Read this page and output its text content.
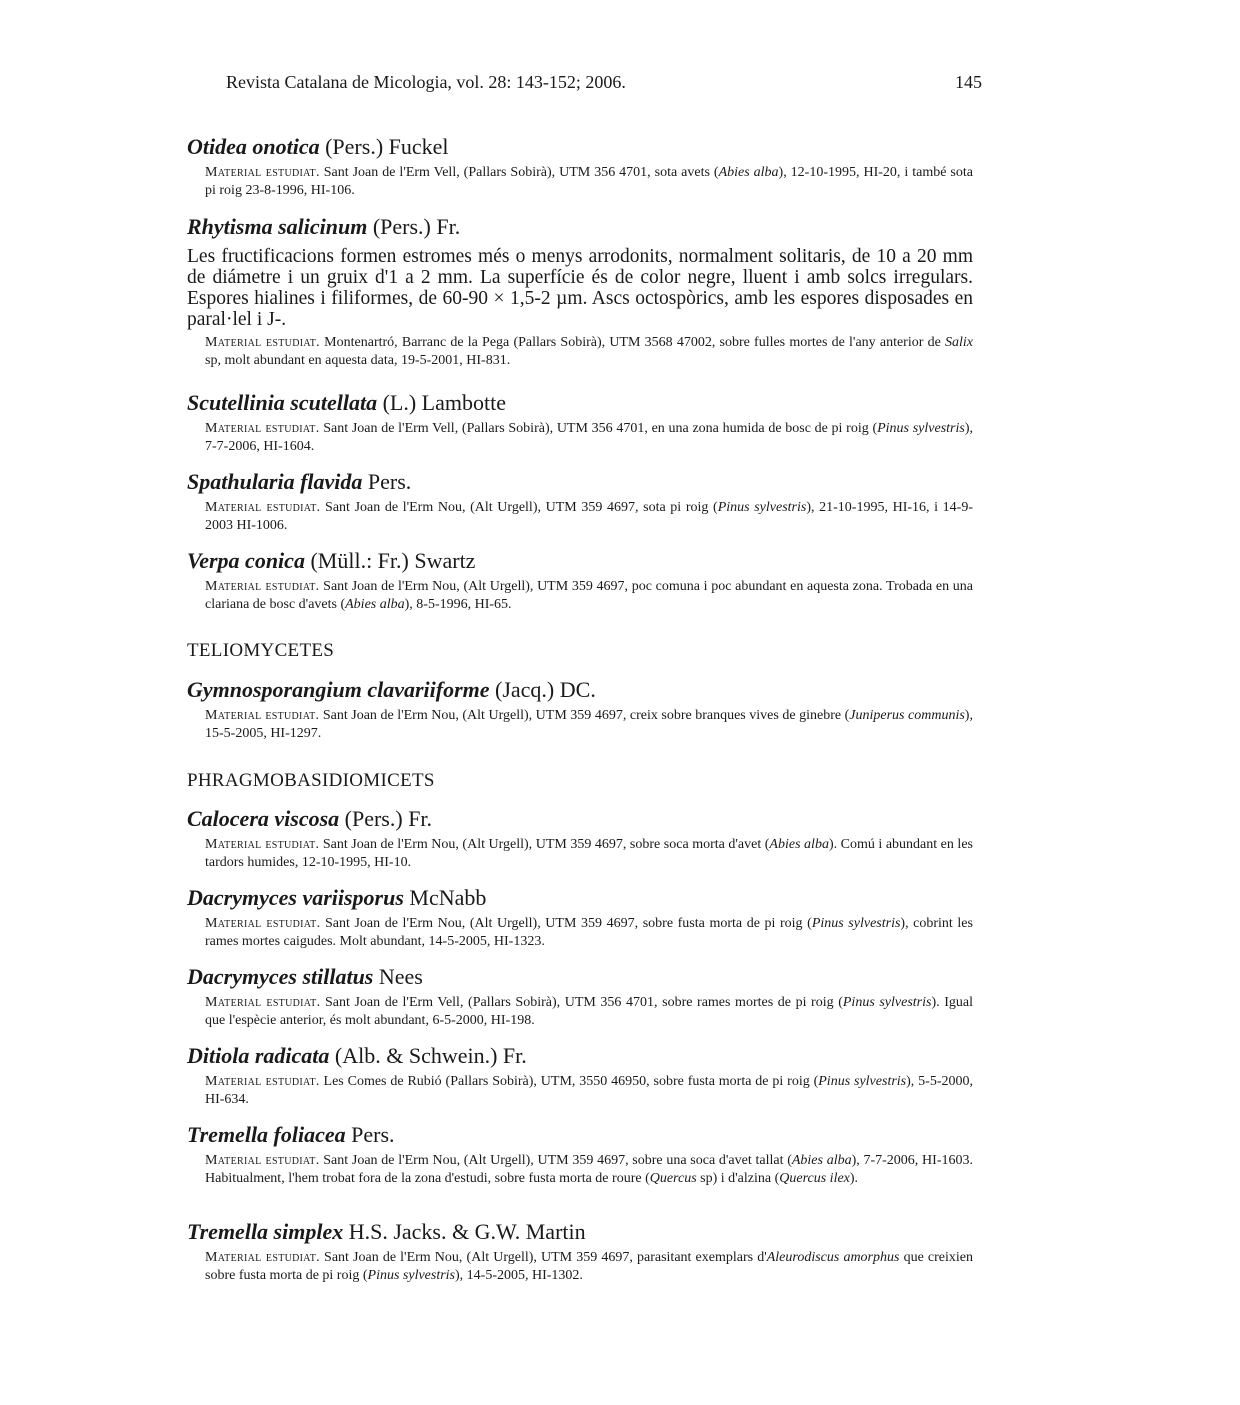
Revista Catalana de Micologia, vol. 28: 143-152; 2006.	145

Otidea onotica (Pers.) Fuckel

Material estudiat. Sant Joan de l'Erm Vell, (Pallars Sobirà), UTM 356 4701, sota avets (Abies alba), 12-10-1995, HI-20, i també sota pi roig 23-8-1996, HI-106.

Rhytisma salicinum (Pers.) Fr.

Les fructificacions formen estromes més o menys arrodonits, normalment solitaris, de 10 a 20 mm de diámetre i un gruix d'1 a 2 mm. La superfície és de color negre, lluent i amb solcs irregulars. Espores hialines i filiformes, de 60-90 × 1,5-2 µm. Ascs octospòrics, amb les espores disposades en paral·lel i J-.

Material estudiat. Montenartró, Barranc de la Pega (Pallars Sobirà), UTM 3568 47002, sobre fulles mortes de l'any anterior de Salix sp, molt abundant en aquesta data, 19-5-2001, HI-831.

Scutellinia scutellata (L.) Lambotte

Material estudiat. Sant Joan de l'Erm Vell, (Pallars Sobirà), UTM 356 4701, en una zona humida de bosc de pi roig (Pinus sylvestris), 7-7-2006, HI-1604.

Spathularia flavida Pers.

Material estudiat. Sant Joan de l'Erm Nou, (Alt Urgell), UTM 359 4697, sota pi roig (Pinus sylvestris), 21-10-1995, HI-16, i 14-9-2003 HI-1006.

Verpa conica (Müll.: Fr.) Swartz

Material estudiat. Sant Joan de l'Erm Nou, (Alt Urgell), UTM 359 4697, poc comuna i poc abundant en aquesta zona. Trobada en una clariana de bosc d'avets (Abies alba), 8-5-1996, HI-65.

TELIOMYCETES

Gymnosporangium clavariiforme (Jacq.) DC.

Material estudiat. Sant Joan de l'Erm Nou, (Alt Urgell), UTM 359 4697, creix sobre branques vives de ginebre (Juniperus communis), 15-5-2005, HI-1297.

PHRAGMOBASIDIOMICETS

Calocera viscosa (Pers.) Fr.

Material estudiat. Sant Joan de l'Erm Nou, (Alt Urgell), UTM 359 4697, sobre soca morta d'avet (Abies alba). Comú i abundant en les tardors humides, 12-10-1995, HI-10.

Dacrymyces variisporus McNabb

Material estudiat. Sant Joan de l'Erm Nou, (Alt Urgell), UTM 359 4697, sobre fusta morta de pi roig (Pinus sylvestris), cobrint les rames mortes caigudes. Molt abundant, 14-5-2005, HI-1323.

Dacrymyces stillatus Nees

Material estudiat. Sant Joan de l'Erm Vell, (Pallars Sobirà), UTM 356 4701, sobre rames mortes de pi roig (Pinus sylvestris). Igual que l'espècie anterior, és molt abundant, 6-5-2000, HI-198.

Ditiola radicata (Alb. & Schwein.) Fr.

Material estudiat. Les Comes de Rubió (Pallars Sobirà), UTM, 3550 46950, sobre fusta morta de pi roig (Pinus sylvestris), 5-5-2000, HI-634.

Tremella foliacea Pers.

Material estudiat. Sant Joan de l'Erm Nou, (Alt Urgell), UTM 359 4697, sobre una soca d'avet tallat (Abies alba), 7-7-2006, HI-1603. Habitualment, l'hem trobat fora de la zona d'estudi, sobre fusta morta de roure (Quercus sp) i d'alzina (Quercus ilex).

Tremella simplex H.S. Jacks. & G.W. Martin

Material estudiat. Sant Joan de l'Erm Nou, (Alt Urgell), UTM 359 4697, parasitant exemplars d'Aleurodiscus amorphus que creixien sobre fusta morta de pi roig (Pinus sylvestris), 14-5-2005, HI-1302.
